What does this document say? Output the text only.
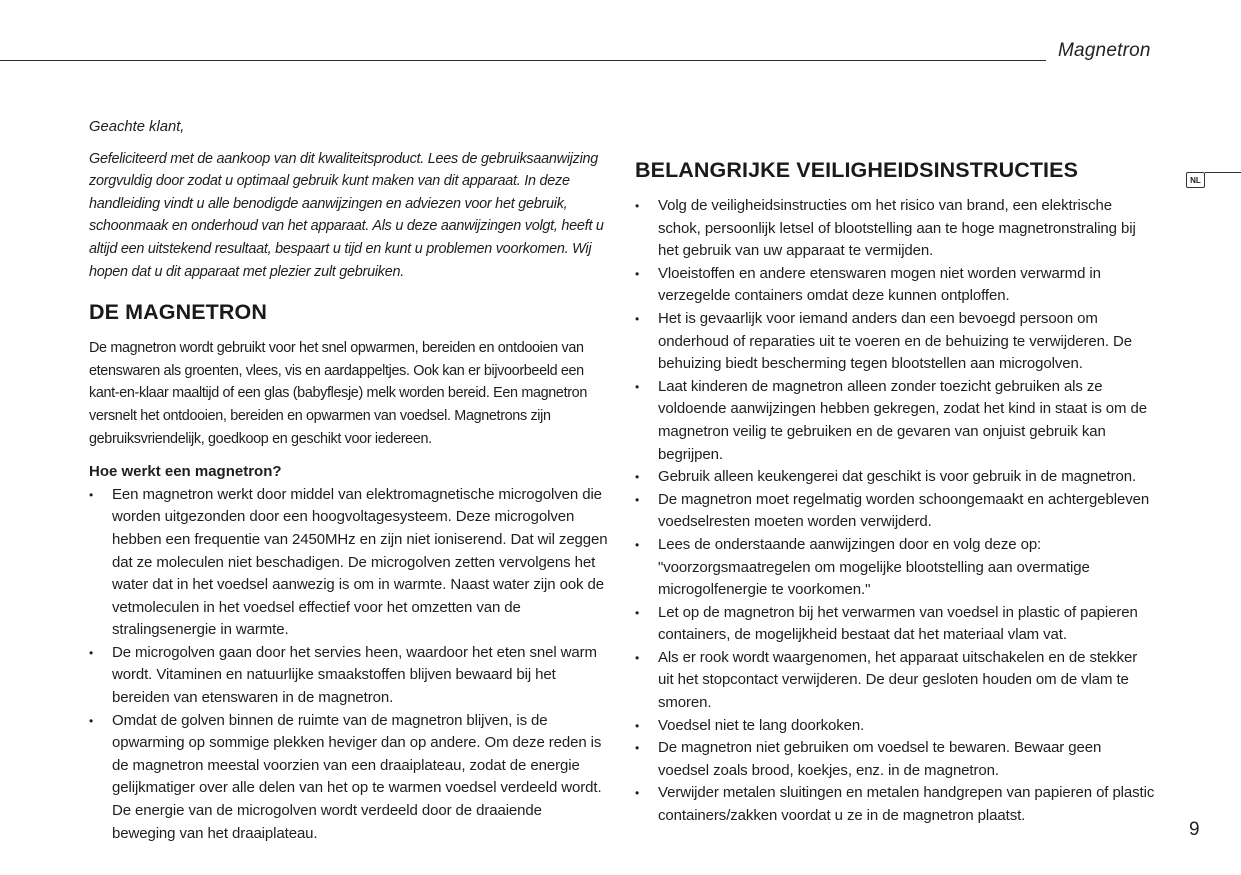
Magnetron
NL

Geachte klant,

Gefeliciteerd met de aankoop van dit kwaliteitsproduct. Lees de gebruiksaanwijzing zorgvuldig door zodat u optimaal gebruik kunt maken van dit apparaat. In deze handleiding vindt u alle benodigde aanwijzingen en adviezen voor het gebruik, schoonmaak en onderhoud van het apparaat. Als u deze aanwijzingen volgt, heeft u altijd een uitstekend resultaat, bespaart u tijd en kunt u problemen voorkomen. Wij hopen dat u dit apparaat met plezier zult gebruiken.

DE MAGNETRON

De magnetron wordt gebruikt voor het snel opwarmen, bereiden en ontdooien van etenswaren als groenten, vlees, vis en aardappeltjes. Ook kan er bijvoorbeeld een kant-en-klaar maaltijd of een glas (babyflesje) melk worden bereid. Een magnetron versnelt het ontdooien, bereiden en opwarmen van voedsel. Magnetrons zijn gebruiksvriendelijk, goedkoop en geschikt voor iedereen.

Hoe werkt een magnetron?

• Een magnetron werkt door middel van elektromagnetische microgolven die worden uitgezonden door een hoogvoltagesysteem. Deze microgolven hebben een frequentie van 2450MHz en zijn niet ioniserend. Dat wil zeggen dat ze moleculen niet beschadigen. De microgolven zetten vervolgens het water dat in het voedsel aanwezig is om in warmte. Naast water zijn ook de vetmoleculen in het voedsel effectief voor het omzetten van de stralingsenergie in warmte.
• De microgolven gaan door het servies heen, waardoor het eten snel warm wordt. Vitaminen en natuurlijke smaakstoffen blijven bewaard bij het bereiden van etenswaren in de magnetron.
• Omdat de golven binnen de ruimte van de magnetron blijven, is de opwarming op sommige plekken heviger dan op andere. Om deze reden is de magnetron meestal voorzien van een draaiplateau, zodat de energie gelijkmatiger over alle delen van het op te warmen voedsel verdeeld wordt. De energie van de microgolven wordt verdeeld door de draaiende beweging van het draaiplateau.
BELANGRIJKE VEILIGHEIDSINSTRUCTIES
• Volg de veiligheidsinstructies om het risico van brand, een elektrische schok, persoonlijk letsel of blootstelling aan te hoge magnetronstraling bij het gebruik van uw apparaat te vermijden.
• Vloeistoffen en andere etenswaren mogen niet worden verwarmd in verzegelde containers omdat deze kunnen ontploffen.
• Het is gevaarlijk voor iemand anders dan een bevoegd persoon om onderhoud of reparaties uit te voeren en de behuizing te verwijderen. De behuizing biedt bescherming tegen blootstellen aan microgolven.
• Laat kinderen de magnetron alleen zonder toezicht gebruiken als ze voldoende aanwijzingen hebben gekregen, zodat het kind in staat is om de magnetron veilig te gebruiken en de gevaren van onjuist gebruik kan begrijpen.
• Gebruik alleen keukengerei dat geschikt is voor gebruik in de magnetron.
• De magnetron moet regelmatig worden schoongemaakt en achtergebleven voedselresten moeten worden verwijderd.
• Lees de onderstaande aanwijzingen door en volg deze op: "voorzorgsmaatregelen om mogelijke blootstelling aan overmatige microgolfenergie te voorkomen."
• Let op de magnetron bij het verwarmen van voedsel in plastic of papieren containers, de mogelijkheid bestaat dat het materiaal vlam vat.
• Als er rook wordt waargenomen, het apparaat uitschakelen en de stekker uit het stopcontact verwijderen. De deur gesloten houden om de vlam te smoren.
• Voedsel niet te lang doorkoken.
• De magnetron niet gebruiken om voedsel te bewaren. Bewaar geen voedsel zoals brood, koekjes, enz. in de magnetron.
• Verwijder metalen sluitingen en metalen handgrepen van papieren of plastic containers/zakken voordat u ze in de magnetron plaatst.
9
